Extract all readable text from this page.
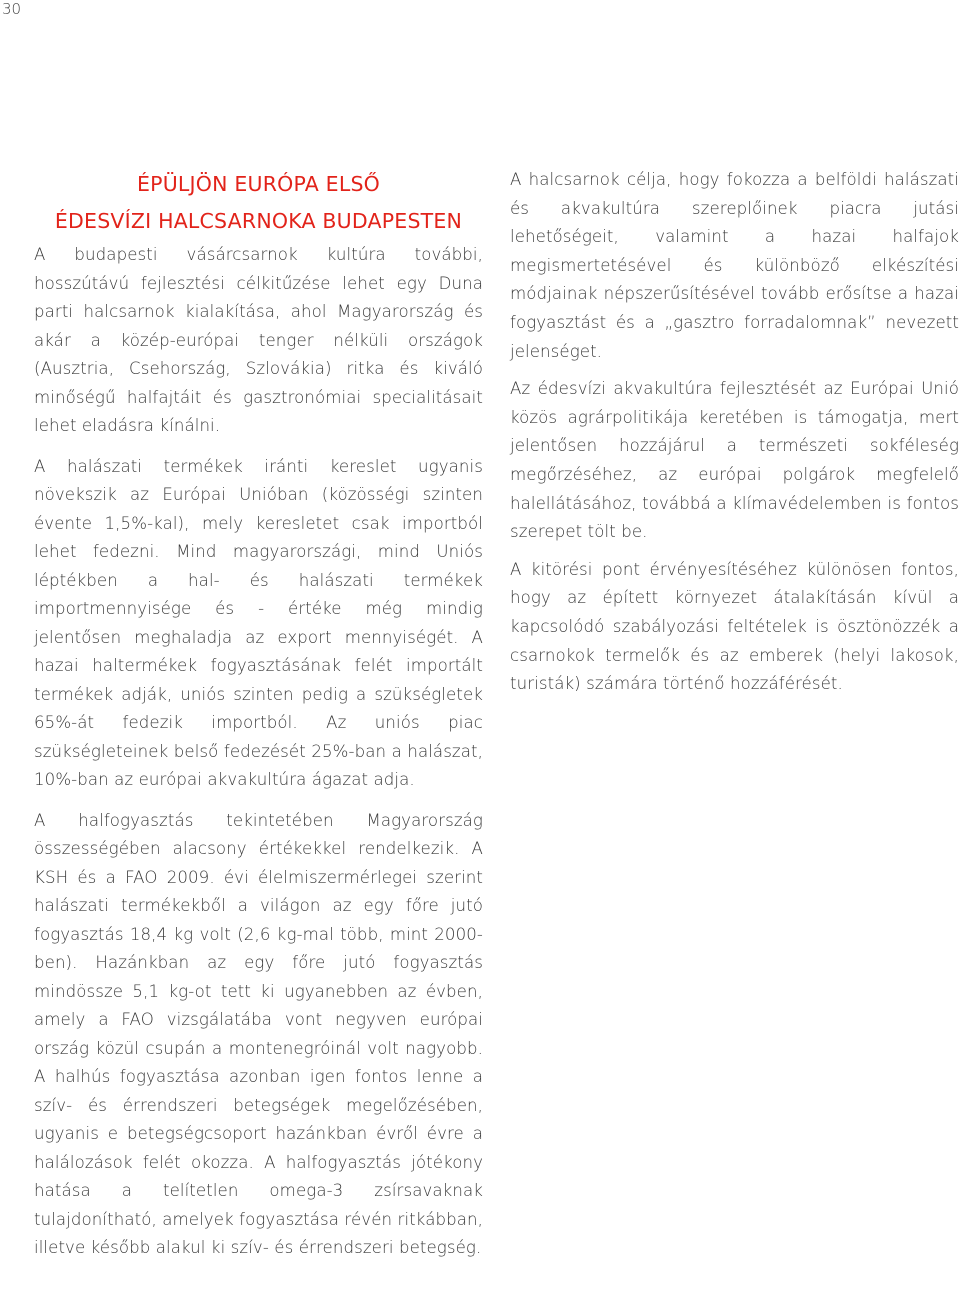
30
ÉPÜLJÖN EURÓPA ELSŐ
ÉDESVÍZI HALCSARNOKA BUDAPESTEN

A budapesti vásárcsarnok kultúra további, hosszútávú fejlesztési célkitűzése lehet egy Duna parti halcsarnok kialakítása, ahol Magyarország és akár a közép-európai tenger nélküli országok (Ausztria, Csehország, Szlovákia) ritka és kiváló minőségű halfajtáit és gasztronómiai specialitásait lehet eladásra kínálni.

A halászati termékek iránti kereslet ugyanis növekszik az Európai Unióban (közösségi szinten évente 1,5%-kal), mely keresletet csak importból lehet fedezni. Mind magyarországi, mind Uniós léptékben a hal- és halászati termékek importmennyisége és - értéke még mindig jelentősen meghaladja az export mennyiségét. A hazai haltermékek fogyasztásának felét importált termékek adják, uniós szinten pedig a szükségletek 65%-át fedezik importból. Az uniós piac szükségleteinek belső fedezését 25%-ban a halászat, 10%-ban az európai akvakultúra ágazat adja.

A halfogyasztás tekintetében Magyarország összességében alacsony értékekkel rendelkezik. A KSH és a FAO 2009. évi élelmiszermérlegei szerint halászati termékekből a világon az egy főre jutó fogyasztás 18,4 kg volt (2,6 kg-mal több, mint 2000-ben). Hazánkban az egy főre jutó fogyasztás mindössze 5,1 kg-ot tett ki ugyanebben az évben, amely a FAO vizsgálatába vont negyven európai ország közül csupán a montenegróinál volt nagyobb. A halhús fogyasztása azonban igen fontos lenne a szív- és érrendszeri betegségek megelőzésében, ugyanis e betegségcsoport hazánkban évről évre a halálozások felét okozza. A halfogyasztás jótékony hatása a telítetlen omega-3 zsírsavaknak tulajdonítható, amelyek fogyasztása révén ritkábban, illetve később alakul ki szív- és érrendszeri betegség.

A halcsarnok célja, hogy fokozza a belföldi halászati és akvakultúra szereplőinek piacra jutási lehetőségeit, valamint a hazai halfajok megismertetésével és különböző elkészítési módjainak népszerűsítésével tovább erősítse a hazai fogyasztást és a „gasztro forradalomnak” nevezett jelenséget.

Az édesvízi akvakultúra fejlesztését az Európai Unió közös agrárpolitikája keretében is támogatja, mert jelentősen hozzájárul a természeti sokféleség megőrzéséhez, az európai polgárok megfelelő halellátásához, továbbá a klímavédelemben is fontos szerepet tölt be.

A kitörési pont érvényesítéséhez különösen fontos, hogy az épített környezet átalakításán kívül a kapcsolódó szabályozási feltételek is ösztönözzék a csarnokok termelők és az emberek (helyi lakosok, turisták) számára történő hozzáférését.
